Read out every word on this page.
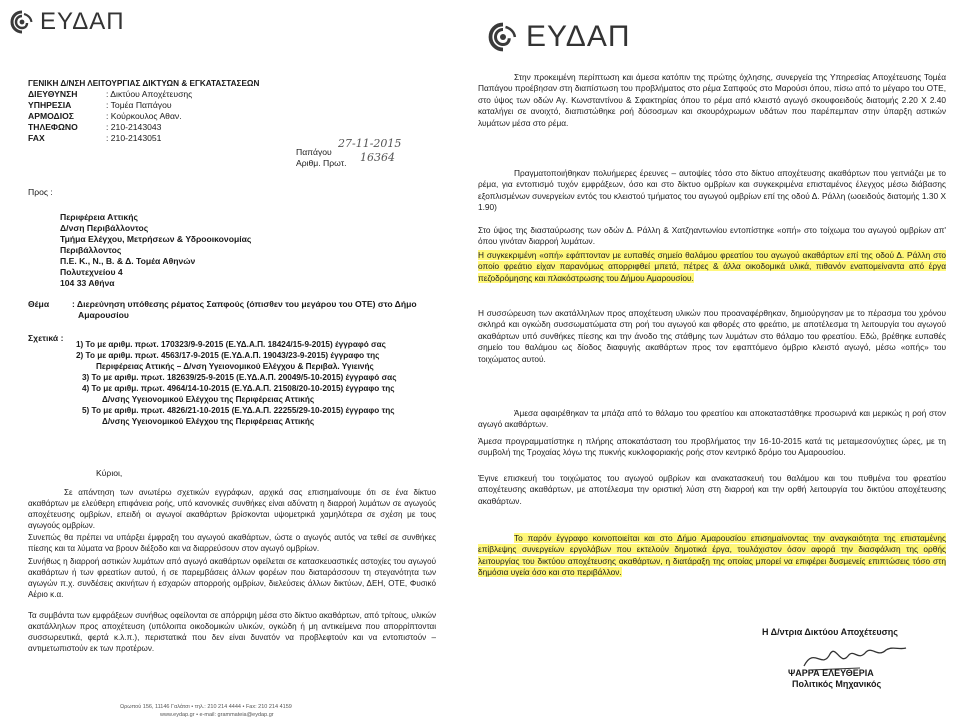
ΕΥΔΑΠ
ΓΕΝΙΚΗ Δ/ΝΣΗ ΛΕΙΤΟΥΡΓΙΑΣ ΔΙΚΤΥΩΝ & ΕΓΚΑΤΑΣΤΑΣΕΩΝ
ΔΙΕΥΘΥΝΣΗ	: Δικτύου Αποχέτευσης
ΥΠΗΡΕΣΙΑ	: Τομέα Παπάγου
ΑΡΜΟΔΙΟΣ	: Κούρκουλος Αθαν.
ΤΗΛΕΦΩΝΟ	: 210-2143043
FAX	: 210-2143051
Παπάγου
27-11-2015
Αριθμ. Πρωτ. 16364
Προς :
Περιφέρεια Αττικής
Δ/νση Περιβάλλοντος
Τμήμα Ελέγχου, Μετρήσεων & Υδροοικονομίας
Περιβάλλοντος
Π.Ε. Κ., Ν., Β. & Δ. Τομέα Αθηνών
Πολυτεχνείου 4
104 33 Αθήνα
Θέμα	: Διερεύνηση υπόθεσης ρέματος Σαπφούς (όπισθεν του μεγάρου του ΟΤΕ) στο Δήμο
Αμαρουσίου
Σχετικά :
1) Το με αριθμ. πρωτ. 170323/9-9-2015 (Ε.ΥΔ.Α.Π. 18424/15-9-2015) έγγραφό σας
2) Το με αριθμ. πρωτ. 4563/17-9-2015 (Ε.ΥΔ.Α.Π. 19043/23-9-2015) έγγραφο της
Περιφέρειας Αττικής – Δ/νση Υγειονομικού Ελέγχου & Περιβαλ. Υγιεινής
3) Το με αριθμ. πρωτ. 182639/25-9-2015 (Ε.ΥΔ.Α.Π. 20049/5-10-2015) έγγραφό σας
4) Το με αριθμ. πρωτ. 4964/14-10-2015 (Ε.ΥΔ.Α.Π. 21508/20-10-2015) έγγραφο της
Δ/νσης Υγειονομικού Ελέγχου της Περιφέρειας Αττικής
5) Το με αριθμ. πρωτ. 4826/21-10-2015 (Ε.ΥΔ.Α.Π. 22255/29-10-2015) έγγραφο της
Δ/νσης Υγειονομικού Ελέγχου της Περιφέρειας Αττικής
Κύριοι,
Σε απάντηση των ανωτέρω σχετικών εγγράφων, αρχικά σας επισημαίνουμε ότι σε ένα δίκτυο ακαθάρτων με ελεύθερη επιφάνεια ροής, υπό κανονικές συνθήκες είναι αδύνατη η διαρροή λυμάτων σε αγωγούς αποχέτευσης ομβρίων, επειδή οι αγωγοί ακαθάρτων βρίσκονται υψομετρικά χαμηλότερα σε σχέση με τους αγωγούς ομβρίων.
Συνεπώς θα πρέπει να υπάρξει έμφραξη του αγωγού ακαθάρτων, ώστε ο αγωγός αυτός να τεθεί σε συνθήκες πίεσης και τα λύματα να βρουν διέξοδο και να διαρρεύσουν στον αγωγό ομβρίων.
Συνήθως η διαρροή αστικών λυμάτων από αγωγό ακαθάρτων οφείλεται σε κατασκευαστικές αστοχίες του αγωγού ακαθάρτων ή των φρεατίων αυτού, ή σε παρεμβάσεις άλλων φορέων που διαταράσσουν τη στεγανότητα των αγωγών π.χ. συνδέσεις ακινήτων ή εσχαρών απορροής ομβρίων, διελεύσεις άλλων δικτύων, ΔΕΗ, ΟΤΕ, Φυσικό Αέριο κ.α.
Τα συμβάντα των εμφράξεων συνήθως οφείλονται σε απόρριψη μέσα στο δίκτυο ακαθάρτων, από τρίτους, υλικών ακατάλληλων προς αποχέτευση (υπόλοιπα οικοδομικών υλικών, ογκώδη ή μη αντικείμενα που απορρίπτονται συσσωρευτικά, φερτά κ.λ.π.), περιστατικά που δεν είναι δυνατόν να προβλεφτούν και να εντοπιστούν – αντιμετωπιστούν εκ των προτέρων.
Ωρωπού 156, 11146 Γαλάτσι • τηλ.: 210 214 4444 • Fax: 210 214 4159
www.eydap.gr • e-mail: grammateia@eydap.gr
ΕΥΔΑΠ
Στην προκειμένη περίπτωση και άμεσα κατόπιν της πρώτης όχλησης, συνεργεία της Υπηρεσίας Αποχέτευσης Τομέα Παπάγου προέβησαν στη διαπίστωση του προβλήματος στο ρέμα Σαπφούς στο Μαρούσι όπου, πίσω από το μέγαρο του ΟΤΕ, στο ύψος των οδών Αγ. Κωνσταντίνου & Σφακτηρίας όπου το ρέμα από κλειστό αγωγό σκουφοειδούς διατομής 2.20 Χ 2.40 καταλήγει σε ανοιχτό, διαπιστώθηκε ροή δύσοσμων και σκουρόχρωμων υδάτων που παρέπεμπαν στην ύπαρξη αστικών λυμάτων μέσα στο ρέμα.
Πραγματοποιήθηκαν πολυήμερες έρευνες – αυτοψίες τόσο στο δίκτυο αποχέτευσης ακαθάρτων που γειτνιάζει με το ρέμα, για εντοπισμό τυχόν εμφράξεων, όσο και στο δίκτυο ομβρίων και συγκεκριμένα επισταμένος έλεγχος μέσω διάβασης εξοπλισμένων συνεργείων εντός του κλειστού τμήματος του αγωγού ομβρίων επί της οδού Δ. Ράλλη (ωοειδούς διατομής 1.30 Χ 1.90)
Στο ύψος της διασταύρωσης των οδών Δ. Ράλλη & Χατζηαντωνίου εντοπίστηκε «οπή» στο τοίχωμα του αγωγού ομβρίων απ' όπου γινόταν διαρροή λυμάτων.
Η συγκεκριμένη «οπή» εφάπτονταν με ευπαθές σημείο θαλάμου φρεατίου του αγωγού ακαθάρτων επί της οδού Δ. Ράλλη στο οποίο φρεάτιο είχαν παρανόμως απορριφθεί μπετά, πέτρες & άλλα οικοδομικά υλικά, πιθανόν εναπομείναντα από έργα πεζοδρόμησης και πλακόστρωσης του Δήμου Αμαρουσίου.
Η συσσώρευση των ακατάλληλων προς αποχέτευση υλικών που προαναφέρθηκαν, δημιούργησαν με το πέρασμα του χρόνου σκληρά και ογκώδη συσσωματώματα στη ροή του αγωγού και φθορές στο φρεάτιο, με αποτέλεσμα τη λειτουργία του αγωγού ακαθάρτων υπό συνθήκες πίεσης και την άνοδο της στάθμης των λυμάτων στο θάλαμο του φρεατίου. Εδώ, βρέθηκε ευπαθές σημείο του θαλάμου ως δίοδος διαφυγής ακαθάρτων προς τον εφαπτόμενο όμβριο κλειστό αγωγό, μέσω «οπής» του τοιχώματος αυτού.
Άμεσα αφαιρέθηκαν τα μπάζα από το θάλαμο του φρεατίου και αποκαταστάθηκε προσωρινά και μερικώς η ροή στον αγωγό ακαθάρτων.
Άμεσα προγραμματίστηκε η πλήρης αποκατάσταση του προβλήματος την 16-10-2015 κατά τις μεταμεσονύχτιες ώρες, με τη συμβολή της Τροχαίας λόγω της πυκνής κυκλοφοριακής ροής στον κεντρικό δρόμο του Αμαρουσίου.
Έγινε επισκευή του τοιχώματος του αγωγού ομβρίων και ανακατασκευή του θαλάμου και του πυθμένα του φρεατίου αποχέτευσης ακαθάρτων, με αποτέλεσμα την οριστική λύση στη διαρροή και την ορθή λειτουργία του δικτύου αποχέτευσης ακαθάρτων.
Το παρόν έγγραφο κοινοποιείται και στο Δήμο Αμαρουσίου επισημαίνοντας την αναγκαιότητα της επισταμένης επίβλεψης συνεργείων εργολάβων που εκτελούν δημοτικά έργα, τουλάχιστον όσον αφορά την διασφάλιση της ορθής λειτουργίας του δικτύου αποχέτευσης ακαθάρτων, η διατάραξη της οποίας μπορεί να επιφέρει δυσμενείς επιπτώσεις τόσο στη δημόσια υγεία όσο και στο περιβάλλον.
Η Δ/ντρια Δικτύου Αποχέτευσης
ΨΑΡΡΑ ΕΛΕΥΘΕΡΙΑ
Πολιτικός Μηχανικός
